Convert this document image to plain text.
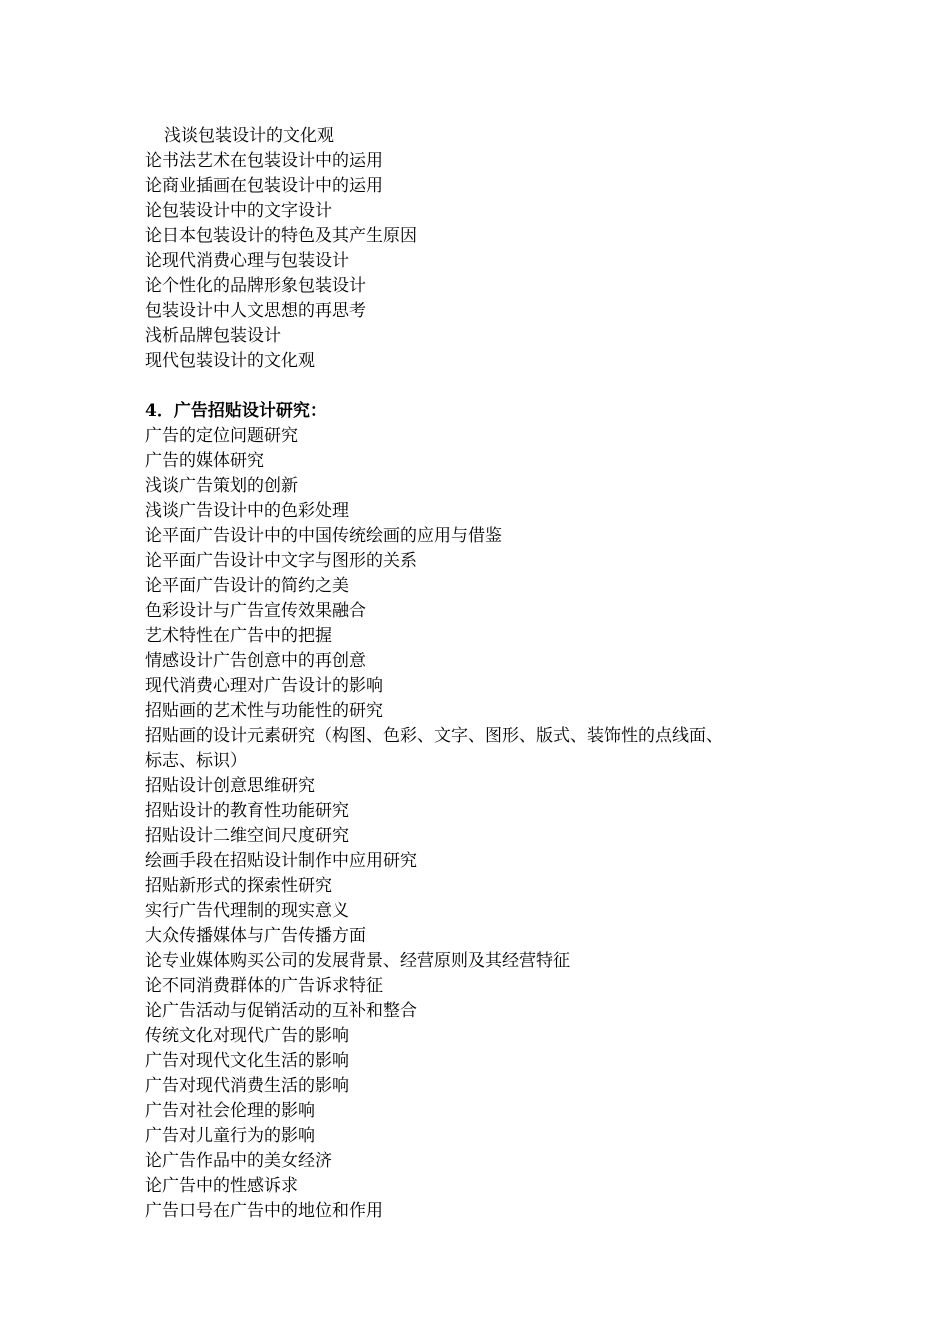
浅谈包装设计的文化观
论书法艺术在包装设计中的运用
论商业插画在包装设计中的运用
论包装设计中的文字设计
论日本包装设计的特色及其产生原因
论现代消费心理与包装设计
论个性化的品牌形象包装设计
包装设计中人文思想的再思考
浅析品牌包装设计
现代包装设计的文化观
4．广告招贴设计研究：
广告的定位问题研究
广告的媒体研究
浅谈广告策划的创新
浅谈广告设计中的色彩处理
论平面广告设计中的中国传统绘画的应用与借鉴
论平面广告设计中文字与图形的关系
论平面广告设计的简约之美
色彩设计与广告宣传效果融合
艺术特性在广告中的把握
情感设计广告创意中的再创意
现代消费心理对广告设计的影响
招贴画的艺术性与功能性的研究
招贴画的设计元素研究（构图、色彩、文字、图形、版式、装饰性的点线面、
标志、标识）
招贴设计创意思维研究
招贴设计的教育性功能研究
招贴设计二维空间尺度研究
绘画手段在招贴设计制作中应用研究
招贴新形式的探索性研究
实行广告代理制的现实意义
大众传播媒体与广告传播方面
论专业媒体购买公司的发展背景、经营原则及其经营特征
论不同消费群体的广告诉求特征
论广告活动与促销活动的互补和整合
传统文化对现代广告的影响
广告对现代文化生活的影响
广告对现代消费生活的影响
广告对社会伦理的影响
广告对儿童行为的影响
论广告作品中的美女经济
论广告中的性感诉求
广告口号在广告中的地位和作用
